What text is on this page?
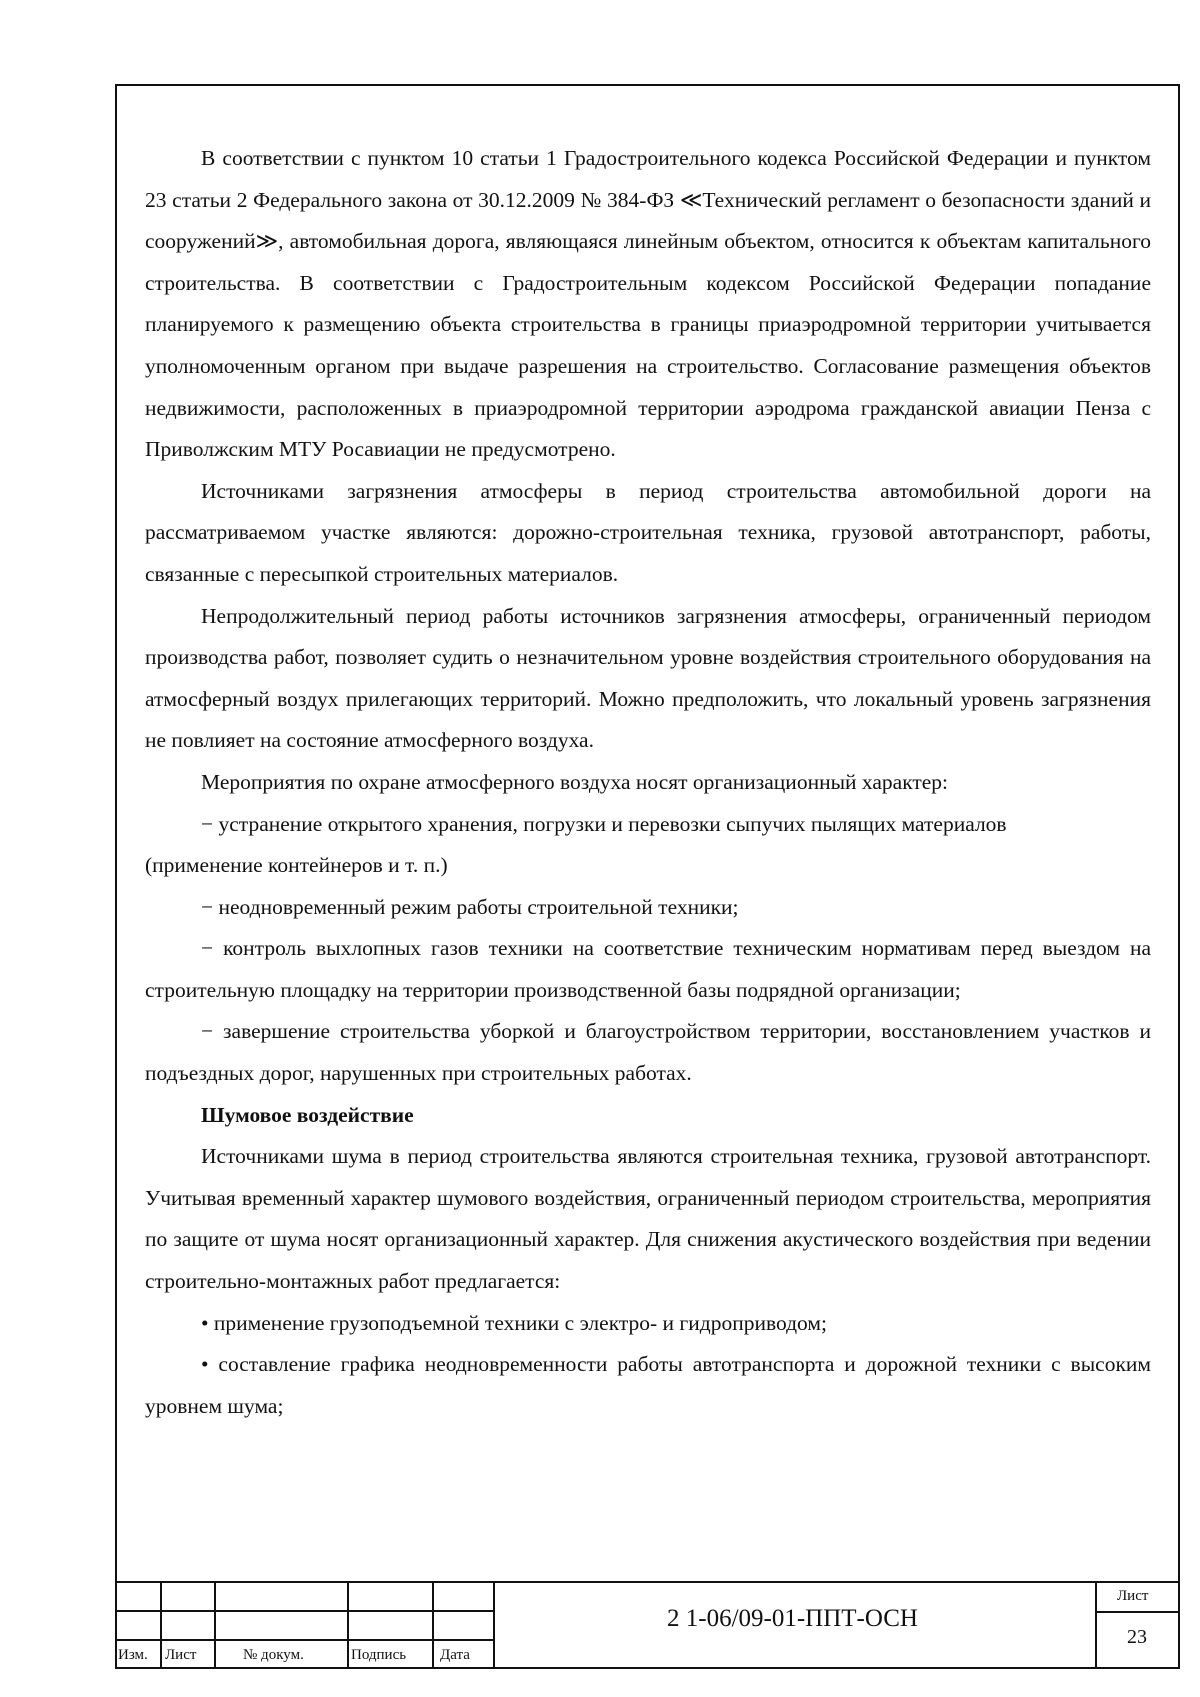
В соответствии с пунктом 10 статьи 1 Градостроительного кодекса Российской Федерации и пунктом 23 статьи 2 Федерального закона от 30.12.2009 № 384-ФЗ ≪Технический регламент о безопасности зданий и сооружений≫, автомобильная дорога, являющаяся линейным объектом, относится к объектам капитального строительства. В соответствии с Градостроительным кодексом Российской Федерации попадание планируемого к размещению объекта строительства в границы приаэродромной территории учитывается уполномоченным органом при выдаче разрешения на строительство. Согласование размещения объектов недвижимости, расположенных в приаэродромной территории аэродрома гражданской авиации Пенза с Приволжским МТУ Росавиации не предусмотрено.

Источниками загрязнения атмосферы в период строительства автомобильной дороги на рассматриваемом участке являются: дорожно-строительная техника, грузовой автотранспорт, работы, связанные с пересыпкой строительных материалов.

Непродолжительный период работы источников загрязнения атмосферы, ограниченный периодом производства работ, позволяет судить о незначительном уровне воздействия строительного оборудования на атмосферный воздух прилегающих территорий. Можно предположить, что локальный уровень загрязнения не повлияет на состояние атмосферного воздуха.

Мероприятия по охране атмосферного воздуха носят организационный характер:

− устранение открытого хранения, погрузки и перевозки сыпучих пылящих материалов

(применение контейнеров и т. п.)

− неодновременный режим работы строительной техники;

− контроль выхлопных газов техники на соответствие техническим нормативам перед выездом на строительную площадку на территории производственной базы подрядной организации;

− завершение строительства уборкой и благоустройством территории, восстановлением участков и подъездных дорог, нарушенных при строительных работах.

Шумовое воздействие

Источниками шума в период строительства являются строительная техника, грузовой автотранспорт. Учитывая временный характер шумового воздействия, ограниченный периодом строительства, мероприятия по защите от шума носят организационный характер. Для снижения акустического воздействия при ведении строительно-монтажных работ предлагается:

• применение грузоподъемной техники с электро- и гидроприводом;

• составление графика неодновременности работы автотранспорта и дорожной техники с высоким уровнем шума;

Изм. Лист	№ докум.	Подпись Дата
2 1-06/09-01-ППТ-ОСН
Лист
23
